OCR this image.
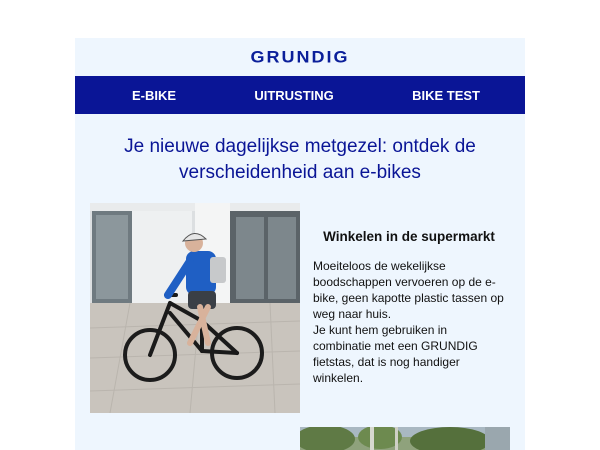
GRUNDIG
E-BIKE	UITRUSTING	BIKE TEST
Je nieuwe dagelijkse metgezel: ontdek de verscheidenheid aan e-bikes
Winkelen in de supermarkt

Moeiteloos de wekelijkse boodschappen vervoeren op de e-bike, geen kapotte plastic tassen op weg naar huis.

Je kunt hem gebruiken in combinatie met een GRUNDIG fietstas, dat is nog handiger winkelen.
